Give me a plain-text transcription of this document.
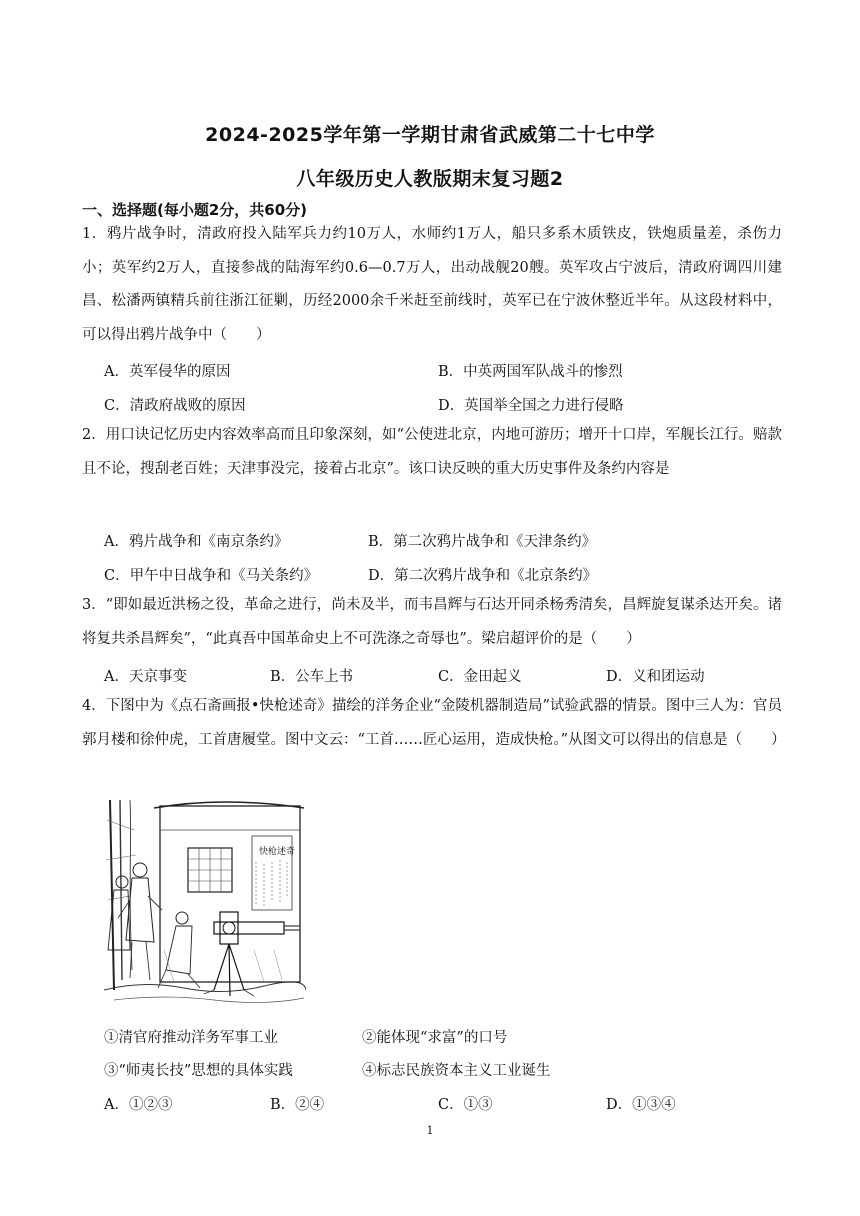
2024-2025学年第一学期甘肃省武威第二十七中学
八年级历史人教版期末复习题2
一、选择题(每小题2分，共60分)
1．鸦片战争时，清政府投入陆军兵力约10万人，水师约1万人，船只多系木质铁皮，铁炮质量差，杀伤力小；英军约2万人，直接参战的陆海军约0.6—0.7万人，出动战舰20艘。英军攻占宁波后，清政府调四川建昌、松潘两镇精兵前往浙江征剿，历经2000余千米赶至前线时，英军已在宁波休整近半年。从这段材料中，可以得出鸦片战争中（　　）
A．英军侵华的原因	B．中英两国军队战斗的惨烈
C．清政府战败的原因	D．英国举全国之力进行侵略
2．用口诀记忆历史内容效率高而且印象深刻，如“公使进北京，内地可游历；增开十口岸，军舰长江行。赔款且不论，搜刮老百姓；天津事没完，接着占北京”。该口诀反映的重大历史事件及条约内容是
A．鸦片战争和《南京条约》	B．第二次鸦片战争和《天津条约》
C．甲午中日战争和《马关条约》	D．第二次鸦片战争和《北京条约》
3．“即如最近洪杨之役，革命之进行，尚未及半，而韦昌辉与石达开同杀杨秀清矣，昌辉旋复谋杀达开矣。诸将复共杀昌辉矣”，“此真吾中国革命史上不可洗涤之奇辱也”。梁启超评价的是（　　）
A．天京事变	B．公车上书	C．金田起义	D．义和团运动
4．下图中为《点石斋画报•快枪述奇》描绘的洋务企业“金陵机器制造局”试验武器的情景。图中三人为：官员郭月楼和徐仲虎，工首唐履堂。图中文云：“工首……匠心运用，造成快枪。”从图文可以得出的信息是（　　）
快枪述奇
①清官府推动洋务军事工业	②能体现“求富”的口号
③“师夷长技”思想的具体实践	④标志民族资本主义工业诞生
A．①②③	B．②④	C．①③	D．①③④
1
